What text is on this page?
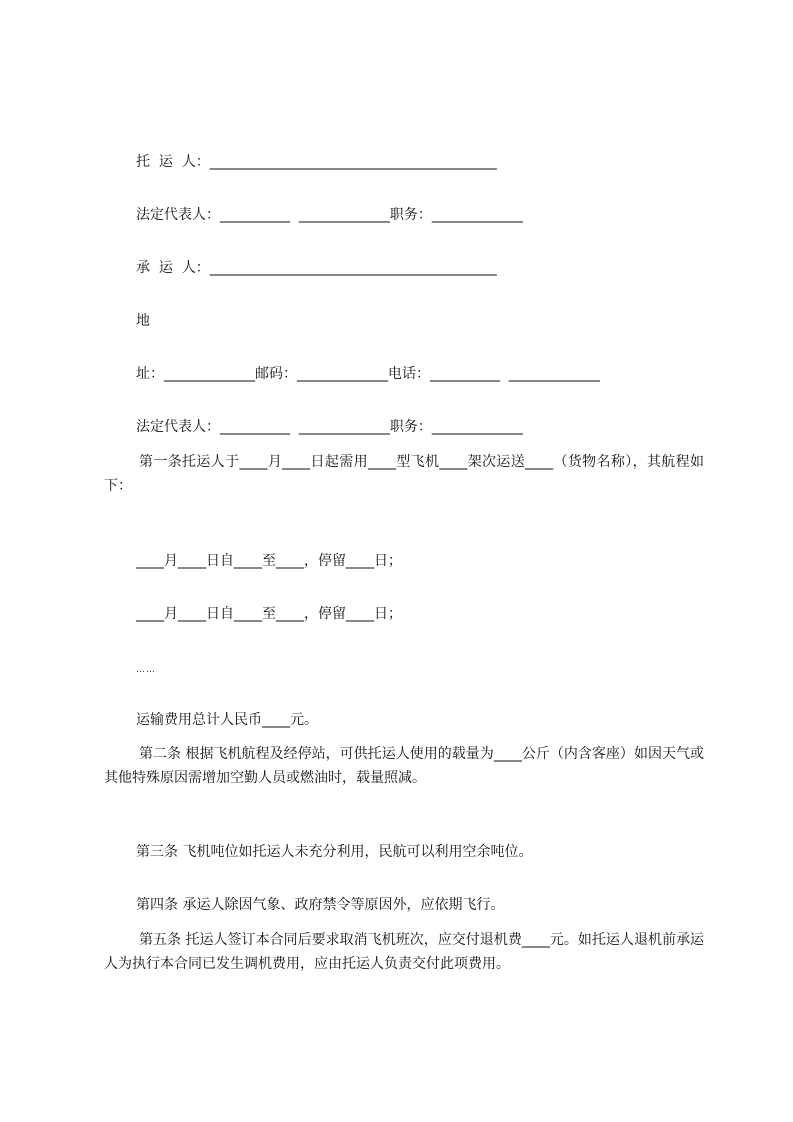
托  运  人：_________________________________________

法定代表人：__________  _____________职务：_____________

承  运  人：_________________________________________

地

址：_____________邮码：_____________电话：__________  _____________

法定代表人：__________  _____________职务：_____________

第一条托运人于____月____日起需用____型飞机____架次运送____（货物名称），其航程如下：

____月____日自____至____，停留____日；

____月____日自____至____，停留____日；

……

运输费用总计人民币____元。

第二条 根据飞机航程及经停站，可供托运人使用的载量为____公斤（内含客座）如因天气或其他特殊原因需增加空勤人员或燃油时，载量照减。

第三条 飞机吨位如托运人未充分利用，民航可以利用空余吨位。

第四条 承运人除因气象、政府禁令等原因外，应依期飞行。

第五条 托运人签订本合同后要求取消飞机班次，应交付退机费____元。如托运人退机前承运人为执行本合同已发生调机费用，应由托运人负责交付此项费用。
